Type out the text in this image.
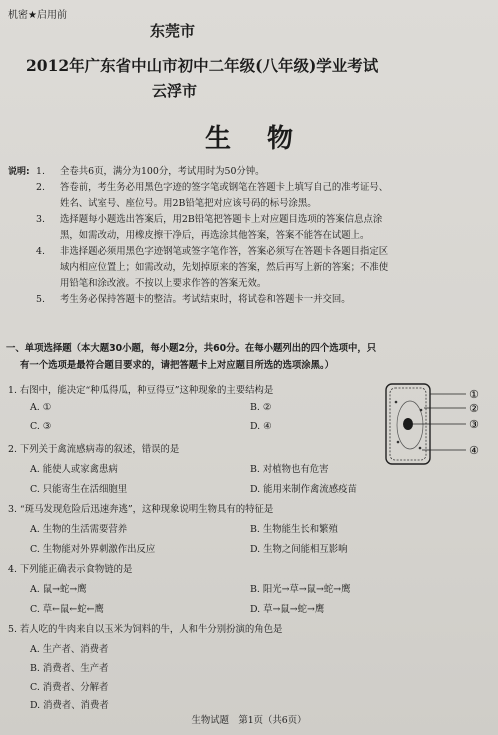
机密★启用前
东莞市
2012年广东省中山市初中二年级(八年级)学业考试
云浮市
生物
说明: 1. 全卷共6页，满分为100分，考试用时为50分钟。
2. 答卷前，考生务必用黑色字迹的签字笔或钢笔在答题卡上填写自己的准考证号、
姓名、试室号、座位号。用2B铅笔把对应该号码的标号涂黑。
3. 选择题每小题选出答案后，用2B铅笔把答题卡上对应题目选项的答案信息点涂
黑，如需改动，用橡皮擦干净后，再选涂其他答案，答案不能答在试题上。
4. 非选择题必须用黑色字迹钢笔或签字笔作答，答案必须写在答题卡各题目指定区
域内相应位置上；如需改动，先划掉原来的答案，然后再写上新的答案；不准使
用铅笔和涂改液。不按以上要求作答的答案无效。
5. 考生务必保持答题卡的整洁。考试结束时，将试卷和答题卡一并交回。
一、单项选择题（本大题30小题，每小题2分，共60分。在每小题列出的四个选项中，只
有一个选项是最符合题目要求的，请把答题卡上对应题目所选的选项涂黑。）
1. 右图中，能决定“种瓜得瓜，种豆得豆”这种现象的主要结构是
A. ①	B. ②
C. ③	D. ④
①
②
③
④
2. 下列关于禽流感病毒的叙述，错误的是
A. 能使人或家禽患病	B. 对植物也有危害
C. 只能寄生在活细胞里	D. 能用来制作禽流感疫苗
3. “斑马发现危险后迅速奔逃”，这种现象说明生物具有的特征是
A. 生物的生活需要营养	B. 生物能生长和繁殖
C. 生物能对外界刺激作出反应	D. 生物之间能相互影响
4. 下列能正确表示食物链的是
A. 鼠→蛇→鹰	B. 阳光→草→鼠→蛇→鹰
C. 草←鼠←蛇←鹰	D. 草→鼠→蛇→鹰
5. 若人吃的牛肉来自以玉米为饲料的牛，人和牛分别扮演的角色是
A. 生产者、消费者
B. 消费者、生产者
C. 消费者、分解者
D. 消费者、消费者
生物试题　第1页（共6页）
